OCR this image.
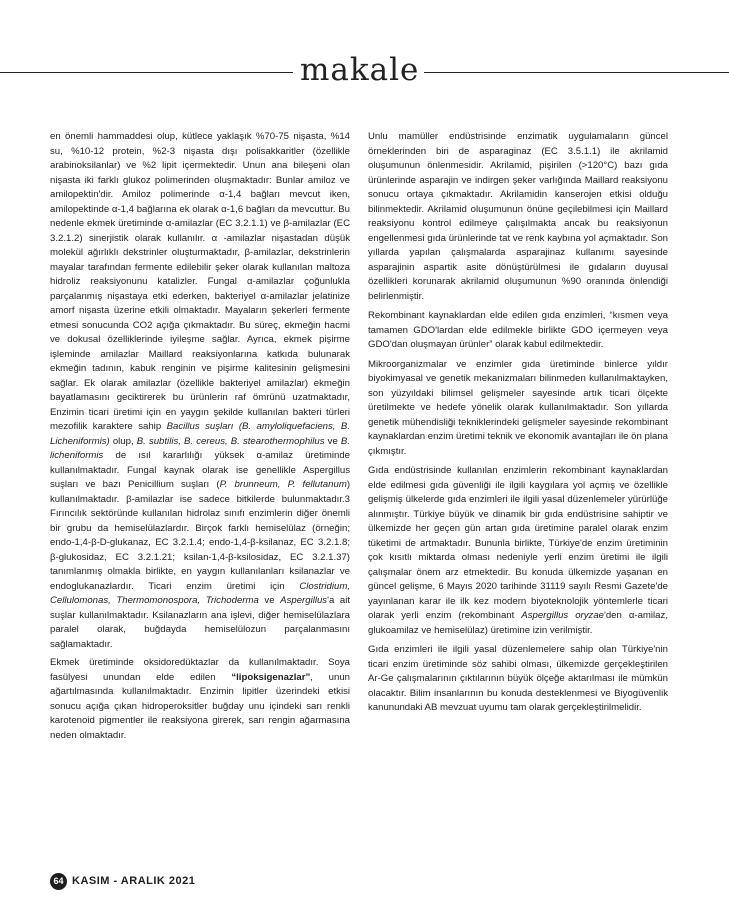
makale

en önemli hammaddesi olup, kütlece yaklaşık %70-75 nişasta, %14 su, %10-12 protein, %2-3 nişasta dışı polisakkaritler (özellikle arabinoksilanlar) ve %2 lipit içermektedir. Unun ana bileşeni olan nişasta iki farklı glukoz polimerinden oluşmaktadır: Bunlar amiloz ve amilopektin'dir. Amiloz polimerinde α-1,4 bağları mevcut iken, amilopektinde α-1,4 bağlarına ek olarak α-1,6 bağları da mevcuttur. Bu nedenle ekmek üretiminde α-amilazlar (EC 3.2.1.1) ve β-amilazlar (EC 3.2.1.2) sinerjistik olarak kullanılır. α -amilazlar nişastadan düşük molekül ağırlıklı dekstrinler oluşturmaktadır, β-amilazlar, dekstrinlerin mayalar tarafından fermente edilebilir şeker olarak kullanılan maltoza hidroliz reaksiyonunu katalizler. Fungal α-amilazlar çoğunlukla parçalanmış nişastaya etki ederken, bakteriyel α-amilazlar jelatinize amorf nişasta üzerine etkili olmaktadır. Mayaların şekerleri fermente etmesi sonucunda CO2 açığa çıkmaktadır. Bu süreç, ekmeğin hacmi ve dokusal özelliklerinde iyileşme sağlar. Ayrıca, ekmek pişirme işleminde amilazlar Maillard reaksiyonlarına katkıda bulunarak ekmeğin tadının, kabuk renginin ve pişirme kalitesinin gelişmesini sağlar. Ek olarak amilazlar (özellikle bakteriyel amilazlar) ekmeğin bayatlamasını geciktirerek bu ürünlerin raf ömrünü uzatmaktadır, Enzimin ticari üretimi için en yaygın şekilde kullanılan bakteri türleri mezofilik karaktere sahip Bacillus suşları (B. amyloliquefaciens, B. Licheniformis) olup, B. subtilis, B. cereus, B. stearothermophilus ve B. licheniformis de ısıl kararlılığı yüksek α-amilaz üretiminde kullanılmaktadır. Fungal kaynak olarak ise genellikle Aspergillus suşları ve bazı Penicillium suşları (P. brunneum, P. fellutanum) kullanılmaktadır. β-amilazlar ise sadece bitkilerde bulunmaktadır.3 Fırıncılık sektöründe kullanılan hidrolaz sınıfı enzimlerin diğer önemli bir grubu da hemiselülazlardır. Birçok farklı hemiselülaz (örneğin; endo-1,4-β-D-glukanaz, EC 3.2.1.4; endo-1,4-β-ksilanaz, EC 3.2.1.8; β-glukosidaz, EC 3.2.1.21; ksilan-1,4-β-ksilosidaz, EC 3.2.1.37) tanımlanmış olmakla birlikte, en yaygın kullanılanları ksilanazlar ve endoglukanazlardır. Ticari enzim üretimi için Clostridium, Cellulomonas, Thermomonospora, Trichoderma ve Aspergillus'a ait suşlar kullanılmaktadır. Ksilanazların ana işlevi, diğer hemiselülazlara paralel olarak, buğdayda hemiselülozun parçalanmasını sağlamaktadır.

Ekmek üretiminde oksidoredüktazlar da kullanılmaktadır. Soya fasülyesi unundan elde edilen “lipoksigenazlar”, unun ağartılmasında kullanılmaktadır. Enzimin lipitler üzerindeki etkisi sonucu açığa çıkan hidroperoksitler buğday unu içindeki sarı renkli karotenoid pigmentler ile reaksiyona girerek, sarı rengin ağarmasına neden olmaktadır.

Unlu mamüller endüstrisinde enzimatik uygulamaların güncel örneklerinden biri de asparaginaz (EC 3.5.1.1) ile akrilamid oluşumunun önlenmesidir. Akrilamid, pişirilen (>120°C) bazı gıda ürünlerinde asparajin ve indirgen şeker varlığında Maillard reaksiyonu sonucu ortaya çıkmaktadır. Akrilamidin kanserojen etkisi olduğu bilinmektedir. Akrilamid oluşumunun önüne geçilebilmesi için Maillard reaksiyonu kontrol edilmeye çalışılmakta ancak bu reaksiyonun engellenmesi gıda ürünlerinde tat ve renk kaybına yol açmaktadır. Son yıllarda yapılan çalışmalarda asparajinaz kullanımı sayesinde asparajinin aspartik asite dönüştürülmesi ile gıdaların duyusal özellikleri korunarak akrilamid oluşumunun %90 oranında önlendiği belirlenmiştir.

Rekombinant kaynaklardan elde edilen gıda enzimleri, “kısmen veya tamamen GDO'lardan elde edilmekle birlikte GDO içermeyen veya GDO'dan oluşmayan ürünler” olarak kabul edilmektedir.

Mikroorganizmalar ve enzimler gıda üretiminde binlerce yıldır biyokimyasal ve genetik mekanizmaları bilinmeden kullanılmaktayken, son yüzyıldaki bilimsel gelişmeler sayesinde artık ticari ölçekte üretilmekte ve hedefe yönelik olarak kullanılmaktadır. Son yıllarda genetik mühendisliği tekniklerindeki gelişmeler sayesinde rekombinant kaynaklardan enzim üretimi teknik ve ekonomik avantajları ile ön plana çıkmıştır.

Gıda endüstrisinde kullanılan enzimlerin rekombinant kaynaklardan elde edilmesi gıda güvenliği ile ilgili kaygılara yol açmış ve özellikle gelişmiş ülkelerde gıda enzimleri ile ilgili yasal düzenlemeler yürürlüğe alınmıştır. Türkiye büyük ve dinamik bir gıda endüstrisine sahiptir ve ülkemizde her geçen gün artan gıda üretimine paralel olarak enzim tüketimi de artmaktadır. Bununla birlikte, Türkiye'de enzim üretiminin çok kısıtlı miktarda olması nedeniyle yerli enzim üretimi ile ilgili çalışmalar önem arz etmektedir. Bu konuda ülkemizde yaşanan en güncel gelişme, 6 Mayıs 2020 tarihinde 31119 sayılı Resmi Gazete'de yayınlanan karar ile ilk kez modern biyoteknolojik yöntemlerle ticari olarak yerli enzim (rekombinant Aspergillus oryzae'den α-amilaz, glukoamilaz ve hemiselülaz) üretimine izin verilmiştir.

Gıda enzimleri ile ilgili yasal düzenlemelere sahip olan Türkiye'nin ticari enzim üretiminde söz sahibi olması, ülkemizde gerçekleştirilen Ar-Ge çalışmalarının çıktılarının büyük ölçeğe aktarılması ile mümkün olacaktır. Bilim insanlarının bu konuda desteklenmesi ve Biyogüvenlik kanunundaki AB mevzuat uyumu tam olarak gerçekleştirilmelidir.

64 KASIM - ARALIK 2021
